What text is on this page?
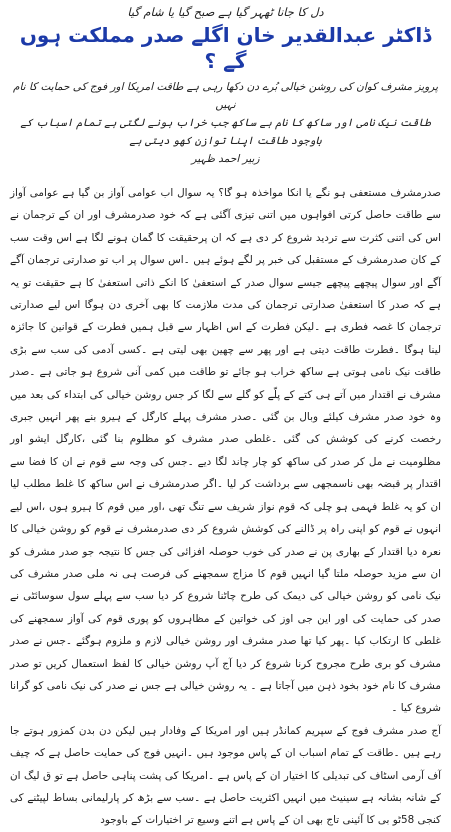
دل کا جانا ٹھہر گیا ہے صبح گیا یا شام گیا
ڈاکٹر عبدالقدیر خان اگلے صدر مملکت ہوں گے ؟
پرویز مشرف کوان کی روشن خیالی بُرے دن دکھا رہی ہے طاقت امریکا اور فوج کی حمایت کا نام نہیں
طاقت نیک نامی اور ساکھ کا نام ہے ساکھ جب خراب ہونے لگتی ہے تمام اسباب کے باوجود طاقت اپنا توازن کھو دیتی ہے
زبیر احمد ظہیر

صدرمشرف مستعفی ہو نگے یا انکا مواخذہ ہو گا؟ یہ سوال اب عوامی آواز بن گیا ہے عوامی آواز سے طاقت حاصل کرتی افواہوں میں اتنی تیزی آگئی ہے کہ خود صدرمشرف اور ان کے ترجمان نے اس کی اتنی کثرت سے تردید شروع کر دی ہے کہ ان پرحقیقت کا گمان ہونے لگا ہے اس وقت سب کے کان صدرمشرف کے مستقبل کی خبر پر لگے ہوئے ہیں ۔اس سوال پر اب تو صدارتی ترجمان آگے آگے اور سوال پیچھے پیچھے جیسے سوال صدر کے استعفیٰ کا انکے ذاتی استعفیٰ کا ہے حقیقت تو یہ ہے کہ صدر کا استعفیٰ صدارتی ترجمان کی مدت ملازمت کا بھی آخری دن ہوگا اس لیے صدارتی ترجمان کا غصہ فطری ہے ۔لیکن فطرت کے اس اظہار سے قبل ہمیں فطرت کے قوانین کا جائزہ لینا ہوگا ۔فطرت طاقت دیتی ہے اور پھر سے چھین بھی لیتی ہے ۔کسی آدمی کی سب سے بڑی طاقت نیک نامی ہوتی ہے ساکھ خراب ہو جائے تو طاقت میں کمی آنی شروع ہو جاتی ہے ۔صدر مشرف نے اقتدار میں آتے ہی کتے کے پلّے کو گلے سے لگا کر جس روشن خیالی کی ابتداء کی بعد میں وہ خود صدر مشرف کیلئے وبال بن گئی ۔صدر مشرف پہلے کارگل کے ہیرو بنے پھر انہیں جبری رخصت کرنے کی کوشش کی گئی ۔غلطی صدر مشرف کو مظلوم بنا گئی ،کارگل ایشو اور مظلومیت نے مل کر صدر کی ساکھ کو چار چاند لگا دیے ۔جس کی وجہ سے قوم نے ان کا فضا سے اقتدار پر قبضہ بھی ناسمجھی سے برداشت کر لیا ۔اگر صدرمشرف نے اس ساکھ کا غلط مطلب لیا ان کو یہ غلط فہمی ہو چلی کہ قوم نواز شریف سے تنگ تھی ،اور میں قوم کا ہیرو ہوں ،اس لیے انہوں نے قوم کو اپنی راہ پر ڈالنے کی کوشش شروع کر دی صدرمشرف نے قوم کو روشن خیالی کا نعرہ دیا اقتدار کے بھاری پن نے صدر کی خوب حوصلہ افزائی کی جس کا نتیجہ جو صدر مشرف کو ان سے مزید حوصلہ ملتا گیا انہیں قوم کا مزاج سمجھنے کی فرصت ہی نہ ملی صدر مشرف کی نیک نامی کو روشن خیالی کی دیمک کی طرح چاٹنا شروع کر دیا سب سے پہلے سول سوسائٹی نے صدر کی حمایت کی اور این جی اوز کی خواتین کے مظاہروں کو پوری قوم کی آواز سمجھنے کی غلطی کا ارتکاب کیا ۔پھر کیا تھا صدر مشرف اور روشن خیالی لازم و ملزوم ہوگئے ۔جس نے صدر مشرف کو بری طرح مجروح کرنا شروع کر دیا آج آپ روشن خیالی کا لفظ استعمال کریں تو صدر مشرف کا نام خود بخود ذہن میں آجاتا ہے ۔ یہ روشن خیالی ہے جس نے صدر کی نیک نامی کو گرانا شروع کیا ۔

آج صدر مشرف فوج کے سپریم کمانڈر ہیں اور امریکا کے وفادار ہیں لیکن دن بدن کمزور ہوتے جا رہے ہیں ۔طاقت کے تمام اسباب ان کے پاس موجود ہیں ۔انہیں فوج کی حمایت حاصل ہے کہ چیف آف آرمی اسٹاف کی تبدیلی کا اختیار ان کے پاس ہے ۔امریکا کی پشت پناہی حاصل ہے تو ق لیگ ان کے شانہ بشانہ ہے سینیٹ میں انہیں اکثریت حاصل ہے ۔سب سے بڑھ کر پارلیمانی بساط لپیٹنے کی کنجی 58ٹو بی کا آئینی تاج بھی ان کے پاس ہے اتنے وسیع تر اختیارات کے باوجود
